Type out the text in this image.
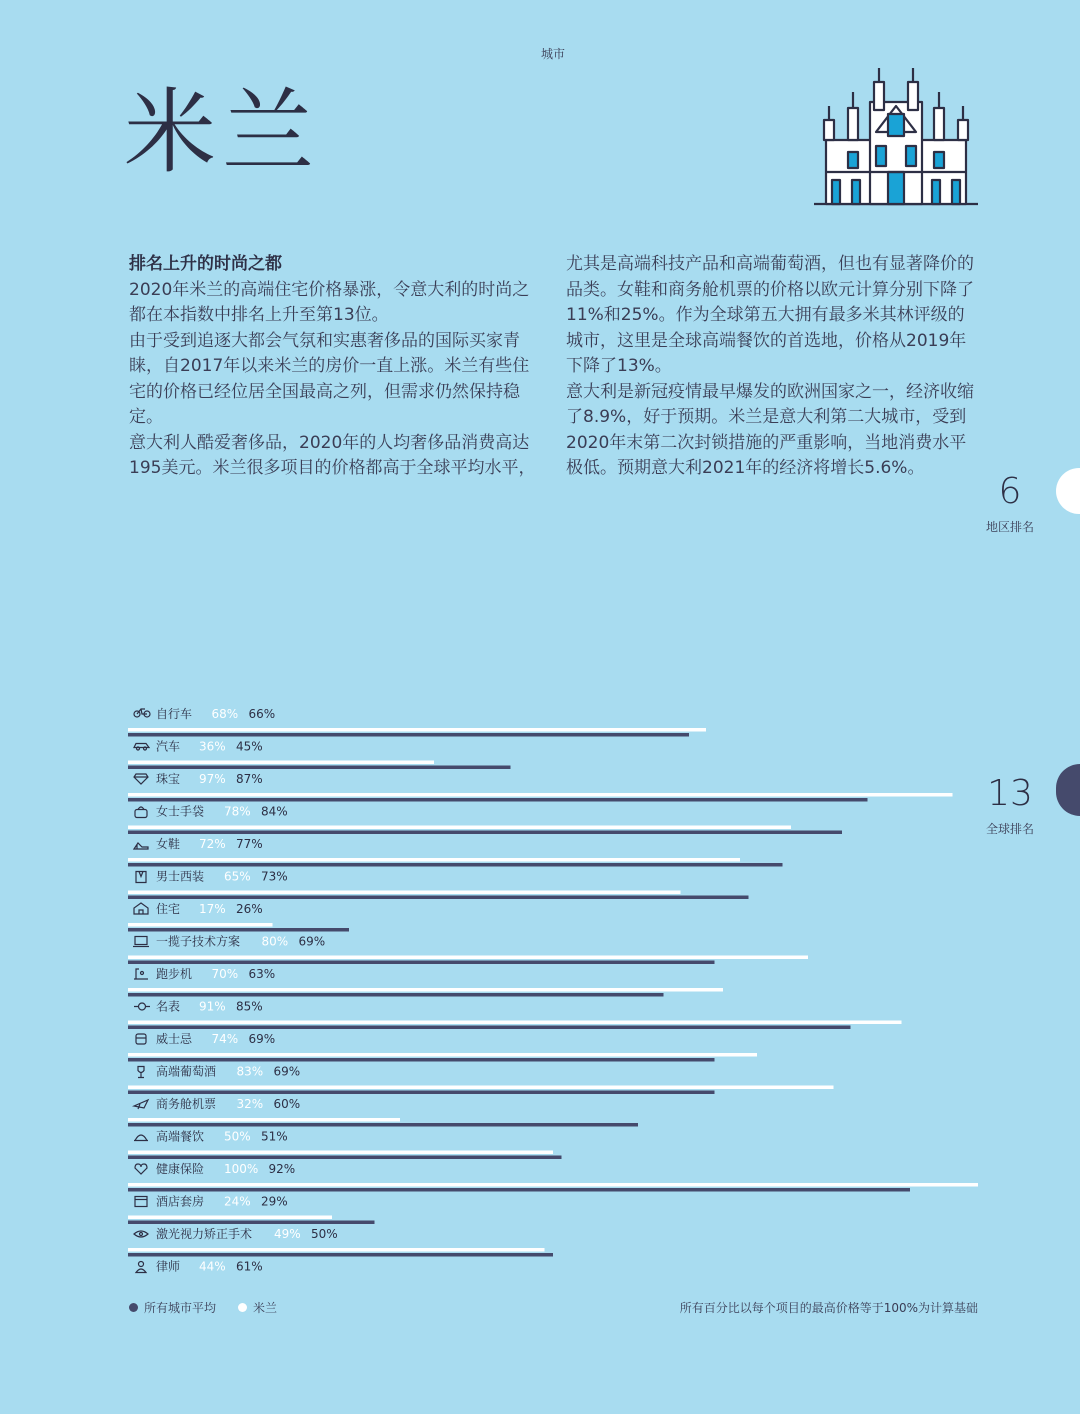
城市
米兰

排名上升的时尚之都

2020年米兰的高端住宅价格暴涨，令意大利的时尚之都在本指数中排名上升至第13位。

由于受到追逐大都会气氛和实惠奢侈品的国际买家青睐，自2017年以来米兰的房价一直上涨。米兰有些住宅的价格已经位居全国最高之列，但需求仍然保持稳定。

意大利人酷爱奢侈品，2020年的人均奢侈品消费高达195美元。米兰很多项目的价格都高于全球平均水平，

尤其是高端科技产品和高端葡萄酒，但也有显著降价的品类。女鞋和商务舱机票的价格以欧元计算分别下降了11%和25%。作为全球第五大拥有最多米其林评级的城市，这里是全球高端餐饮的首选地，价格从2019年下降了13%。

意大利是新冠疫情最早爆发的欧洲国家之一，经济收缩了8.9%，好于预期。米兰是意大利第二大城市，受到2020年末第二次封锁措施的严重影响，当地消费水平极低。预期意大利2021年的经济将增长5.6%。

6
地区排名
13
全球排名
自行车 68% 66%
汽车 36% 45%
珠宝 97% 87%
女士手袋 78% 84%
女鞋 72% 77%
男士西装 65% 73%
住宅 17% 26%
一揽子技术方案 80% 69%
跑步机 70% 63%
名表 91% 85%
威士忌 74% 69%
高端葡萄酒 83% 69%
商务舱机票 32% 60%
高端餐饮 50% 51%
健康保险 100% 92%
酒店套房 24% 29%
激光视力矫正手术 49% 50%
律师 44% 61%
所有城市平均	米兰	所有百分比以每个项目的最高价格等于100%为计算基础
